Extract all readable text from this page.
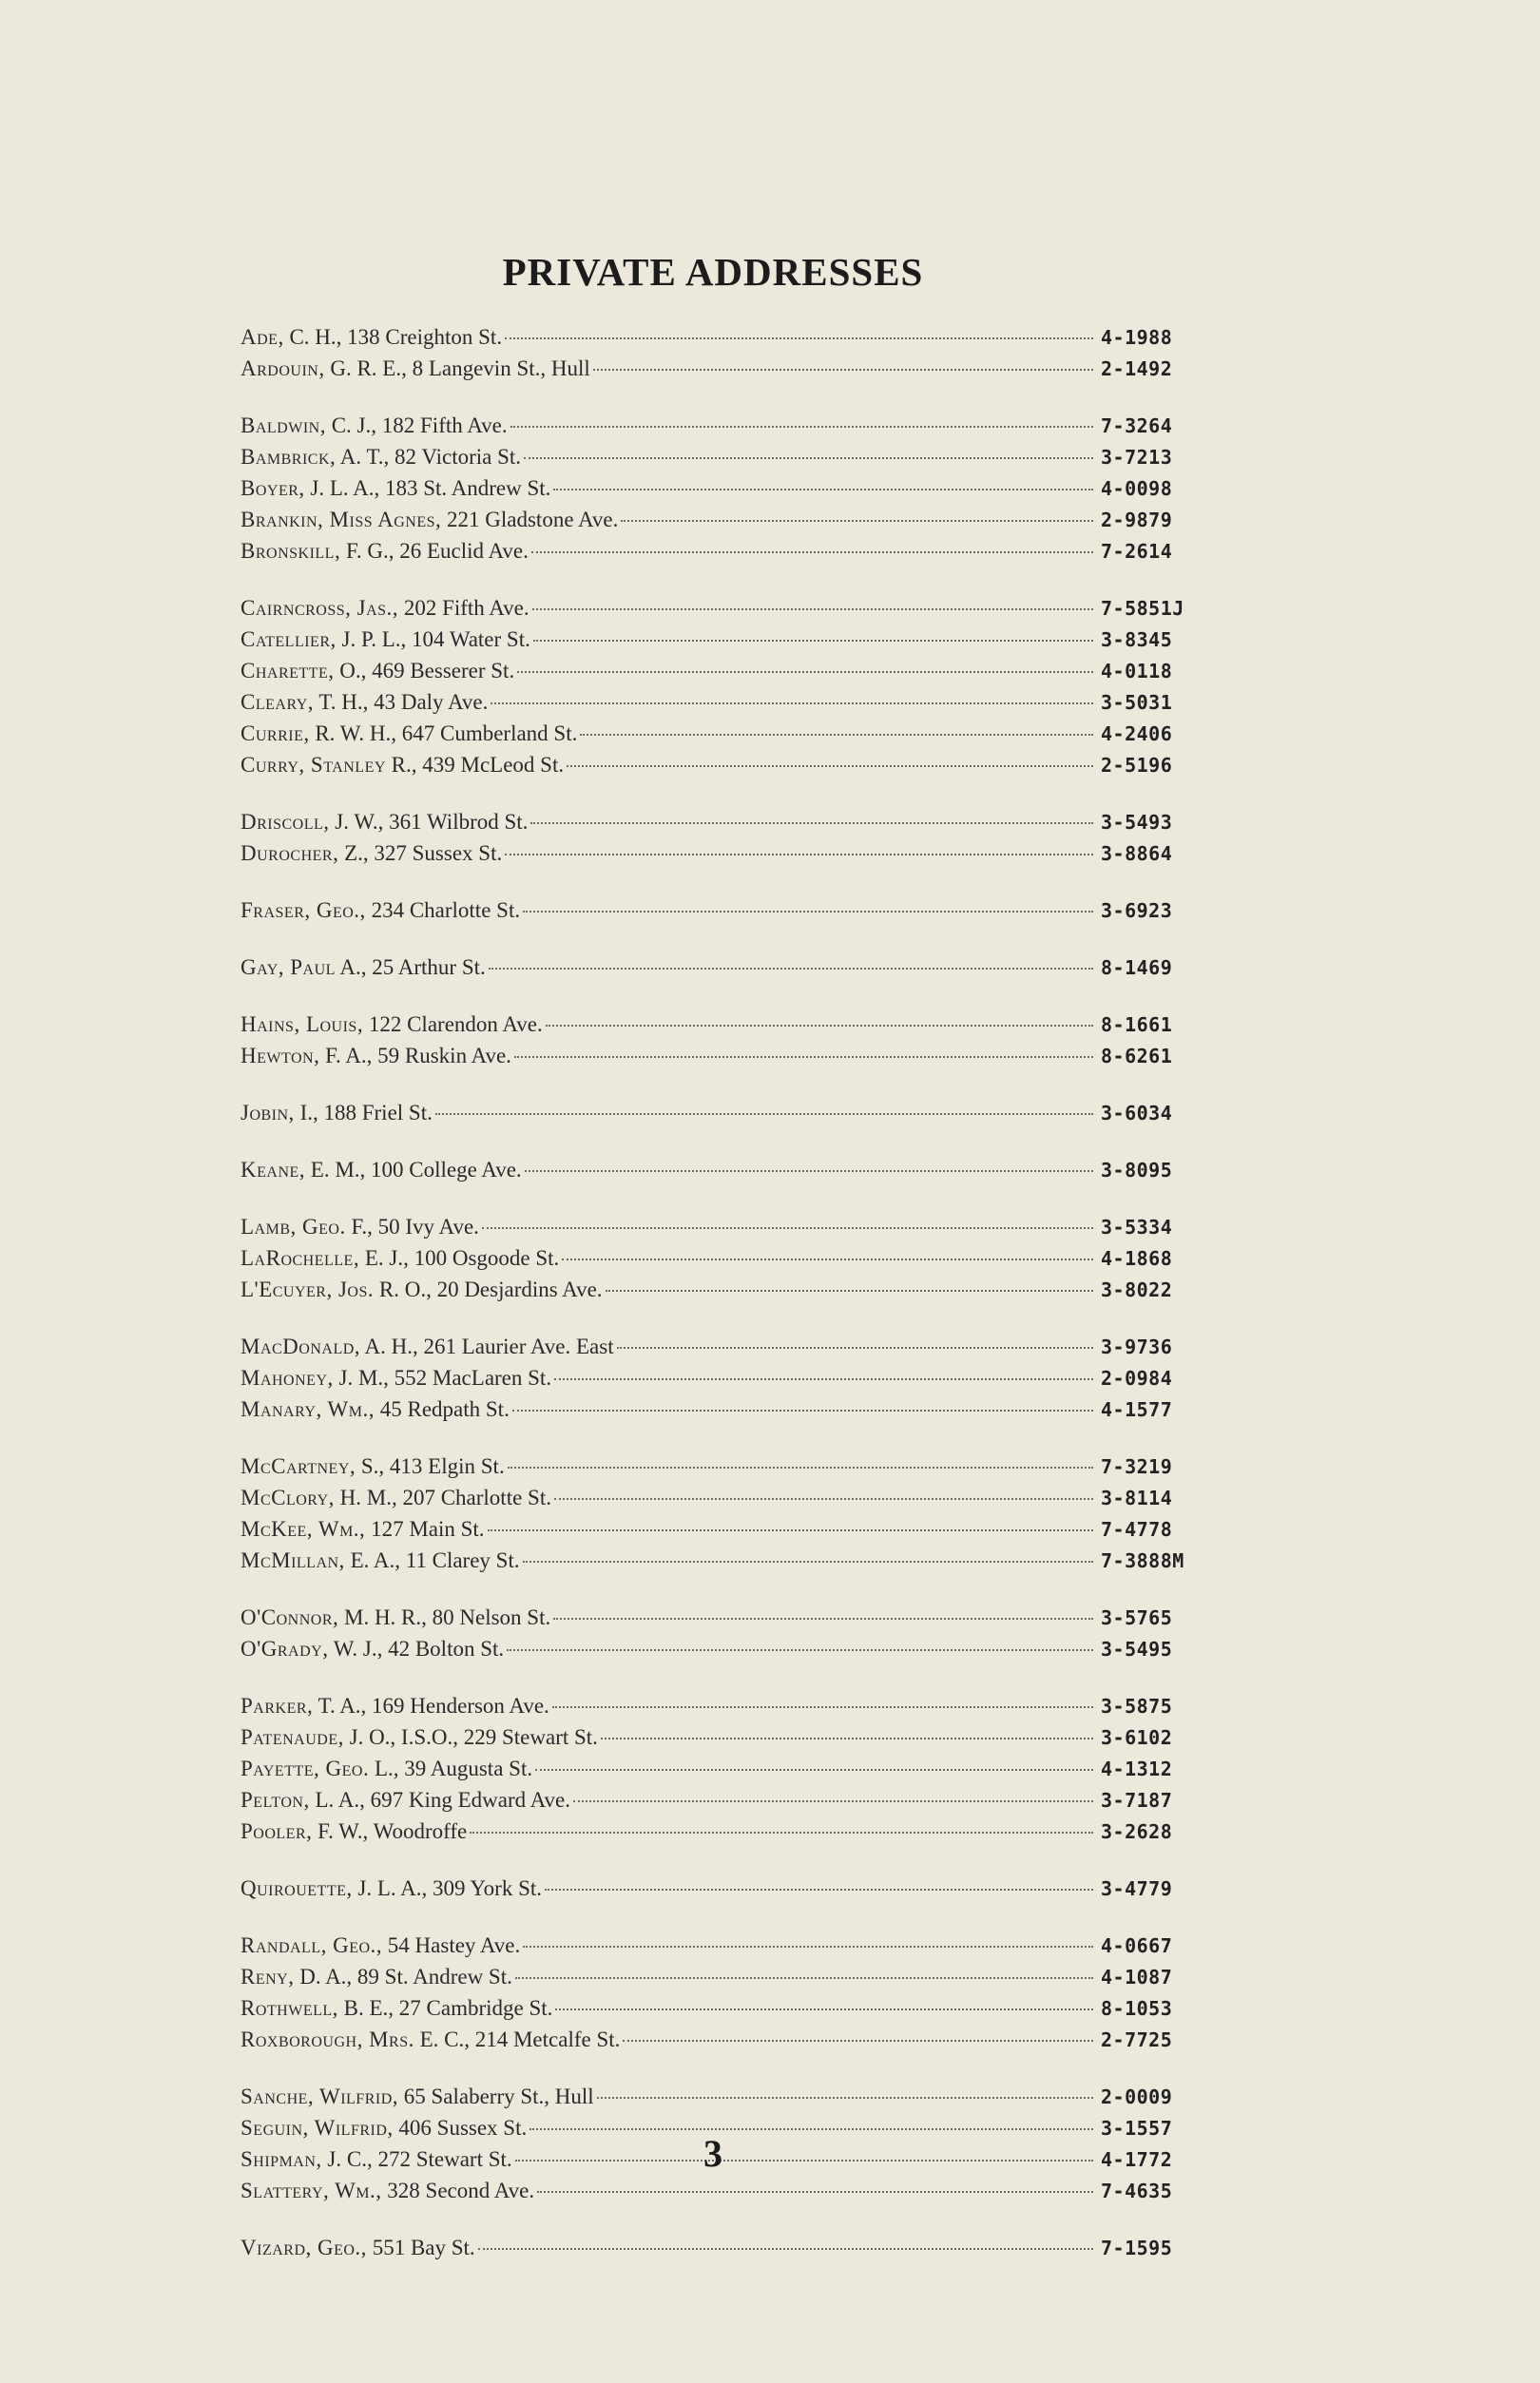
PRIVATE ADDRESSES
Ade, C. H., 138 Creighton St.	4-1988
Ardouin, G. R. E., 8 Langevin St., Hull	2-1492
Baldwin, C. J., 182 Fifth Ave.	7-3264
Bambrick, A. T., 82 Victoria St.	3-7213
Boyer, J. L. A., 183 St. Andrew St.	4-0098
Brankin, Miss Agnes, 221 Gladstone Ave.	2-9879
Bronskill, F. G., 26 Euclid Ave.	7-2614
Cairncross, Jas., 202 Fifth Ave.	7-5851J
Catellier, J. P. L., 104 Water St.	3-8345
Charette, O., 469 Besserer St.	4-0118
Cleary, T. H., 43 Daly Ave.	3-5031
Currie, R. W. H., 647 Cumberland St.	4-2406
Curry, Stanley R., 439 McLeod St.	2-5196
Driscoll, J. W., 361 Wilbrod St.	3-5493
Durocher, Z., 327 Sussex St.	3-8864
Fraser, Geo., 234 Charlotte St.	3-6923
Gay, Paul A., 25 Arthur St.	8-1469
Hains, Louis, 122 Clarendon Ave.	8-1661
Hewton, F. A., 59 Ruskin Ave.	8-6261
Jobin, I., 188 Friel St.	3-6034
Keane, E. M., 100 College Ave.	3-8095
Lamb, Geo. F., 50 Ivy Ave.	3-5334
LaRochelle, E. J., 100 Osgoode St.	4-1868
L'Ecuyer, Jos. R. O., 20 Desjardins Ave.	3-8022
MacDonald, A. H., 261 Laurier Ave. East	3-9736
Mahoney, J. M., 552 MacLaren St.	2-0984
Manary, Wm., 45 Redpath St.	4-1577
McCartney, S., 413 Elgin St.	7-3219
McClory, H. M., 207 Charlotte St.	3-8114
McKee, Wm., 127 Main St.	7-4778
McMillan, E. A., 11 Clarey St.	7-3888M
O'Connor, M. H. R., 80 Nelson St.	3-5765
O'Grady, W. J., 42 Bolton St.	3-5495
Parker, T. A., 169 Henderson Ave.	3-5875
Patenaude, J. O., I.S.O., 229 Stewart St.	3-6102
Payette, Geo. L., 39 Augusta St.	4-1312
Pelton, L. A., 697 King Edward Ave.	3-7187
Pooler, F. W., Woodroffe	3-2628
Quirouette, J. L. A., 309 York St.	3-4779
Randall, Geo., 54 Hastey Ave.	4-0667
Reny, D. A., 89 St. Andrew St.	4-1087
Rothwell, B. E., 27 Cambridge St.	8-1053
Roxborough, Mrs. E. C., 214 Metcalfe St.	2-7725
Sanche, Wilfrid, 65 Salaberry St., Hull	2-0009
Seguin, Wilfrid, 406 Sussex St.	3-1557
Shipman, J. C., 272 Stewart St.	4-1772
Slattery, Wm., 328 Second Ave.	7-4635
Vizard, Geo., 551 Bay St.	7-1595
3
